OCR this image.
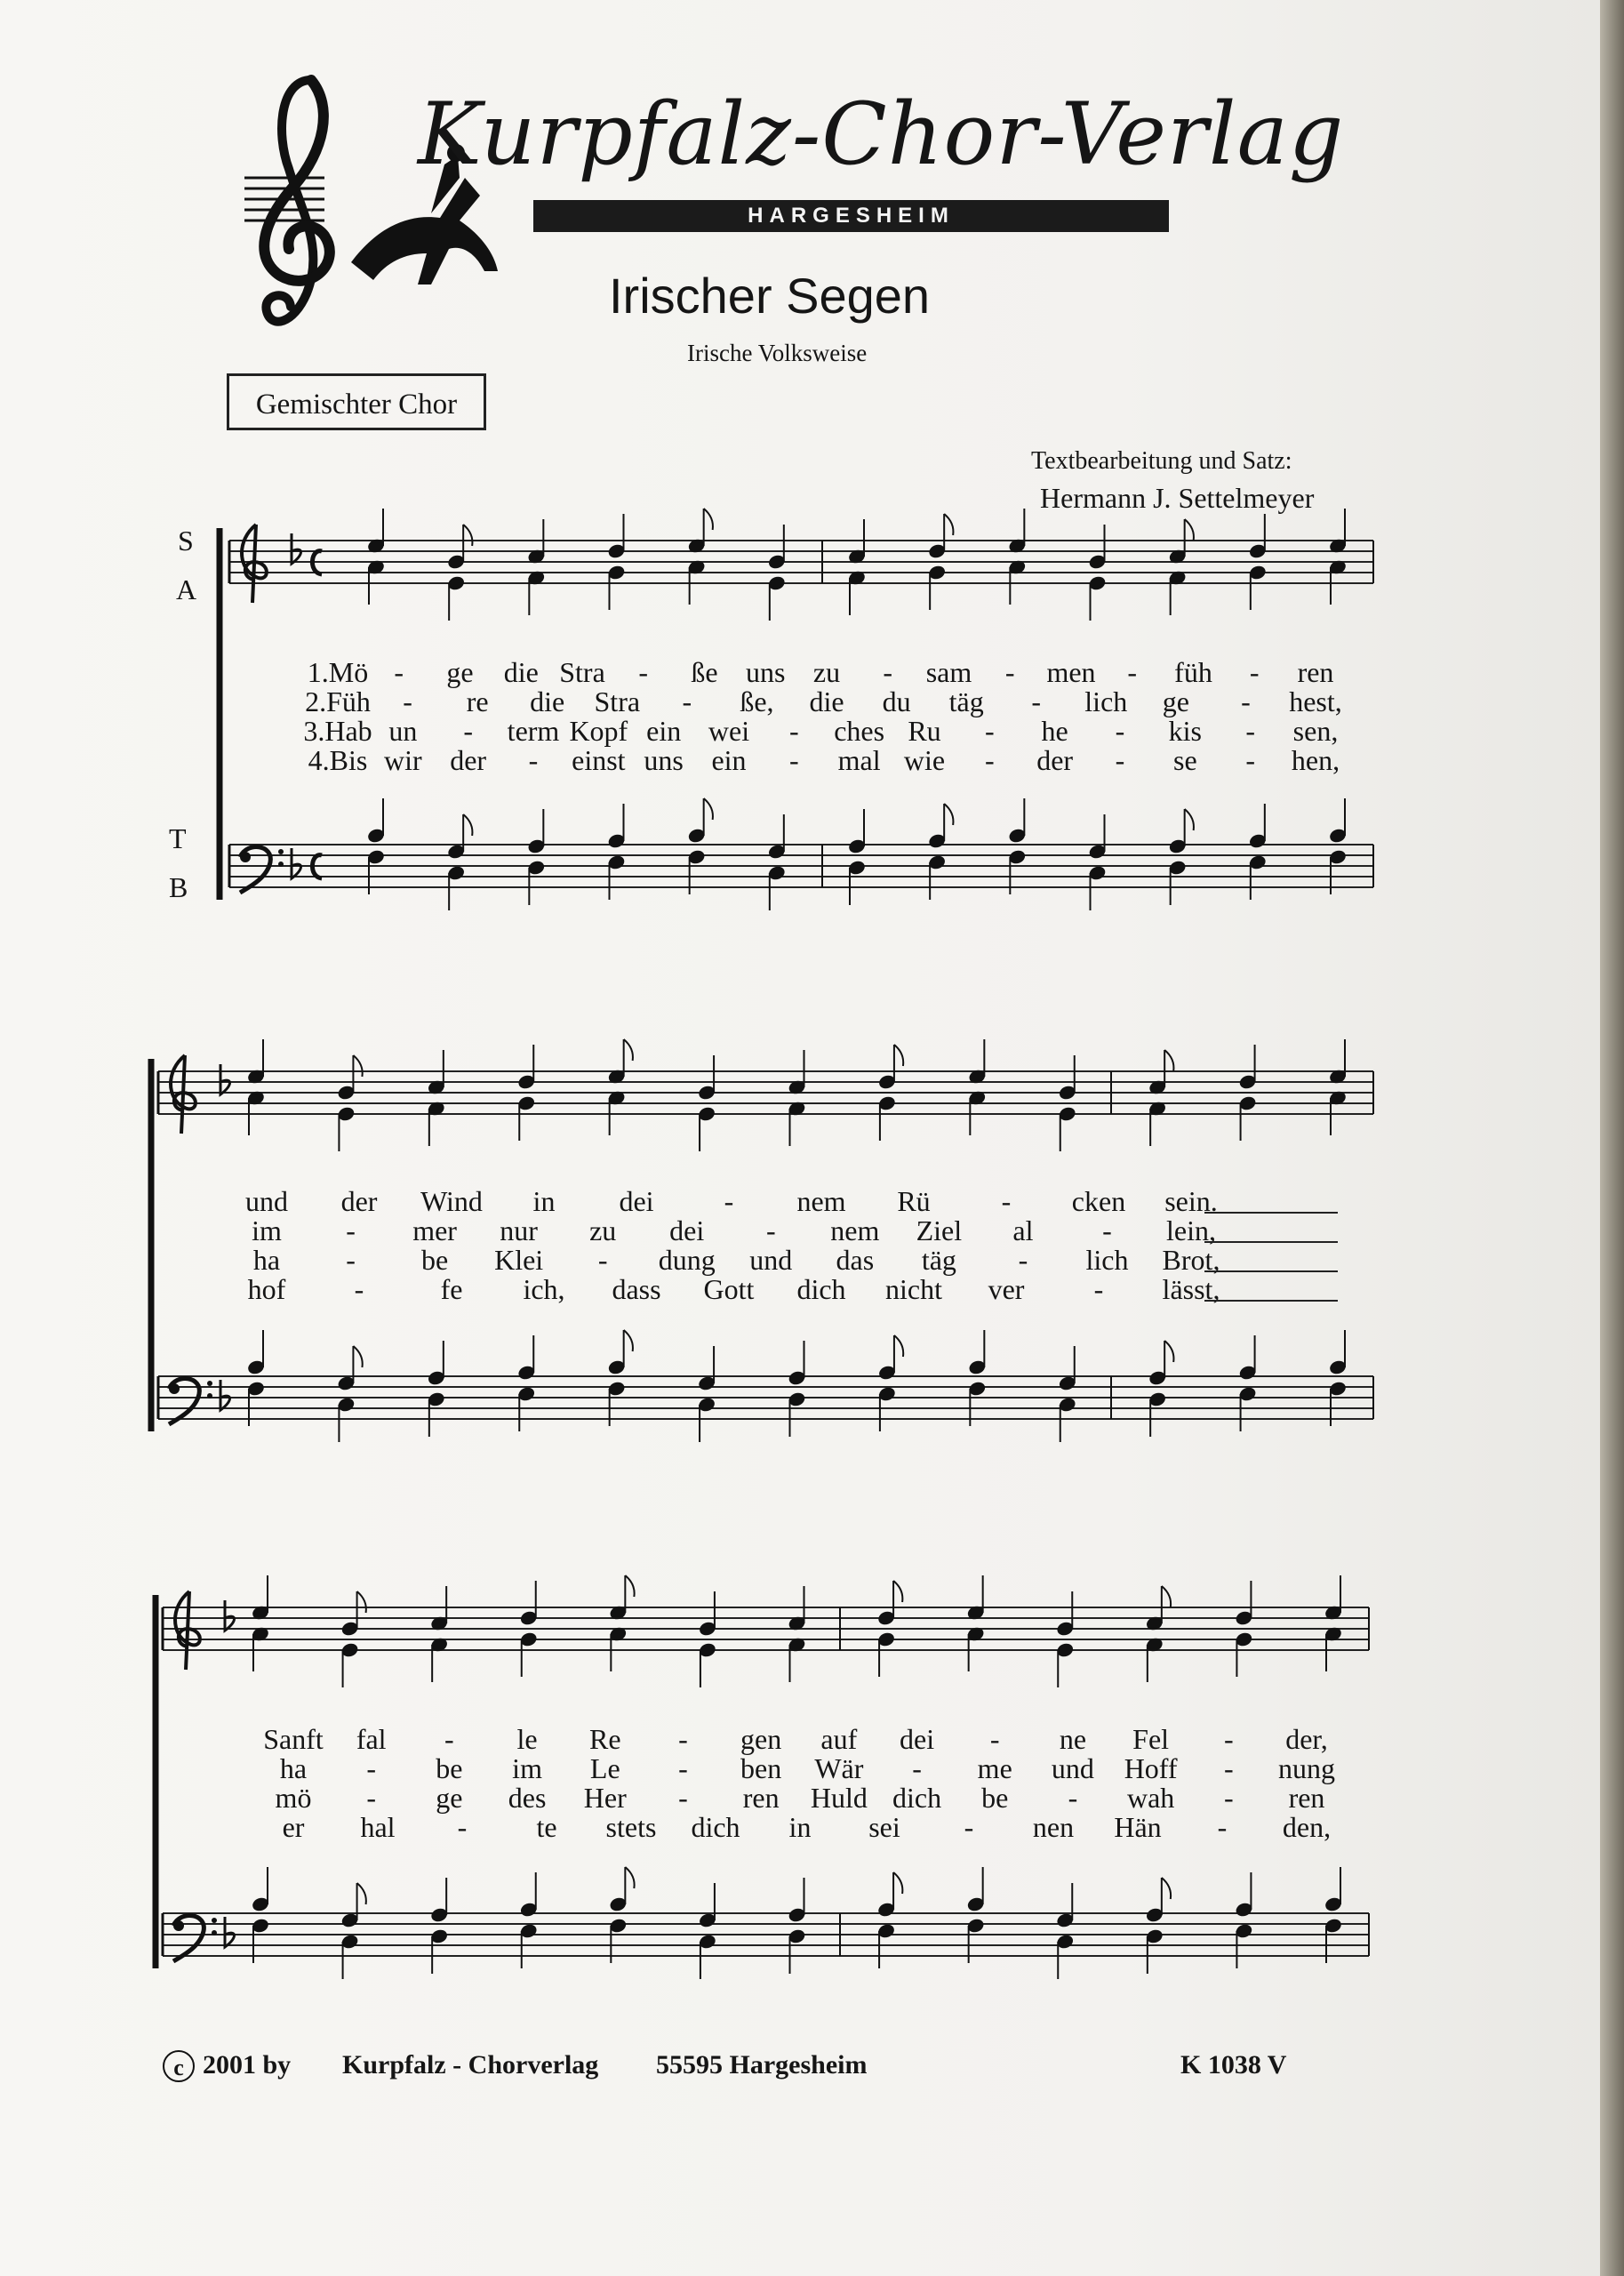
Kurpfalz-Chor-Verlag
HARGESHEIM
Irischer Segen
Irische Volksweise
Gemischter Chor
Textbearbeitung und Satz:
Hermann J. Settelmeyer
S
A
T
B
1.Mö - ge die Stra - ße uns zu - sam - men - füh - ren
2.Füh - re die Stra - ße, die du täg - lich ge - hest,
3.Hab un - term Kopf ein wei - ches Ru - he - kis - sen,
4.Bis wir der - einst uns ein - mal wie - der - se - hen,
und der Wind in dei - nem Rü	- cken sein.
im - mer nur zu dei - nem Ziel al - lein,
ha - be Klei - dung und das täg - lich Brot,
hof -	fe ich, dass Gott dich nicht ver - lässt,
Sanft fal - le Re - gen auf dei - ne Fel - der,
ha - be im Le - ben Wär - me und Hoff - nung
mö - ge des Her - ren Huld dich be - wah - ren
er hal - te stets dich in sei - nen Hän - den,
c 2001 by Kurpfalz - Chorverlag 55595 Hargesheim	K 1038 V
